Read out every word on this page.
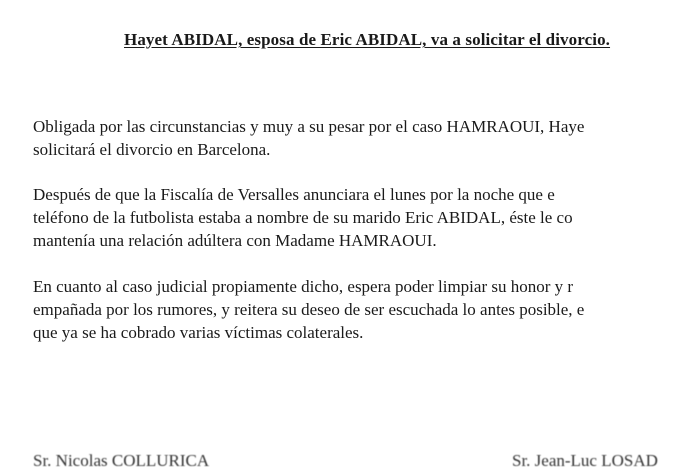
Hayet ABIDAL, esposa de Eric ABIDAL, va a solicitar el divorcio.
Obligada por las circunstancias y muy a su pesar por el caso HAMRAOUI, Haye
solicitará el divorcio en Barcelona.
Después de que la Fiscalía de Versalles anunciara el lunes por la noche que e
teléfono de la futbolista estaba a nombre de su marido Eric ABIDAL, éste le co
mantenía una relación adúltera con Madame HAMRAOUI.
En cuanto al caso judicial propiamente dicho, espera poder limpiar su honor y r
empañada por los rumores, y reitera su deseo de ser escuchada lo antes posible, e
que ya se ha cobrado varias víctimas colaterales.
Sr. Nicolas COLLURICA	Sr. Jean-Luc LOSAD
